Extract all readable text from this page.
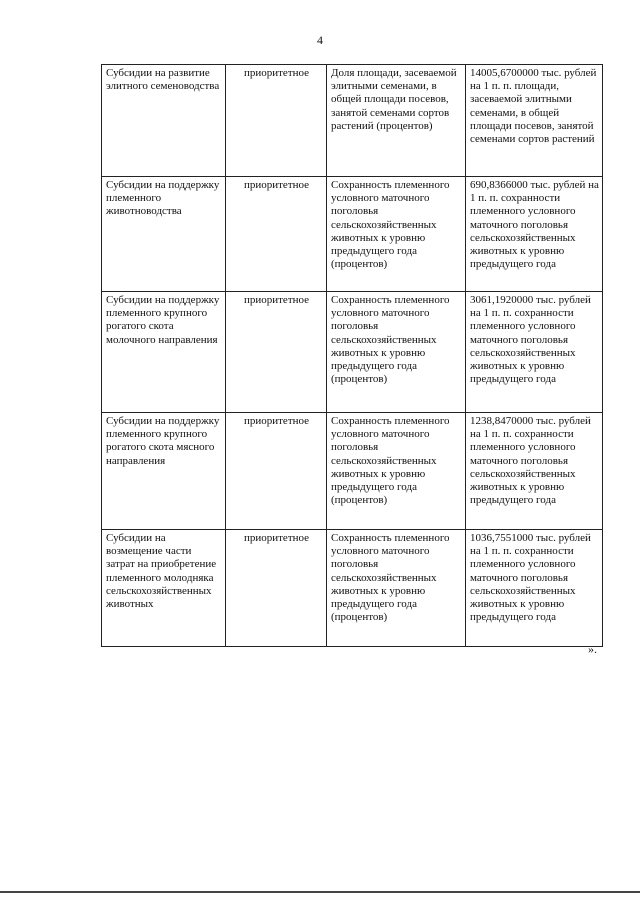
4
Субсидии на развитие элитного семеноводства	приоритетное	Доля площади, засеваемой элитными семенами, в общей площади посевов, занятой семенами сортов растений (процентов)	14005,6700000 тыс. рублей на 1 п. п. площади, засеваемой элитными семенами, в общей площади посевов, занятой семенами сортов растений
Субсидии на поддержку племенного животноводства	приоритетное	Сохранность племенного условного маточного поголовья сельскохозяйственных животных к уровню предыдущего года (процентов)	690,8366000 тыс. рублей на 1 п. п. сохранности племенного условного маточного поголовья сельскохозяйственных животных к уровню предыдущего года
Субсидии на поддержку племенного крупного рогатого скота молочного направления	приоритетное	Сохранность племенного условного маточного поголовья сельскохозяйственных животных к уровню предыдущего года (процентов)	3061,1920000 тыс. рублей на 1 п. п. сохранности племенного условного маточного поголовья сельскохозяйственных животных к уровню предыдущего года
Субсидии на поддержку племенного крупного рогатого скота мясного направления	приоритетное	Сохранность племенного условного маточного поголовья сельскохозяйственных животных к уровню предыдущего года (процентов)	1238,8470000 тыс. рублей на 1 п. п. сохранности племенного условного маточного поголовья сельскохозяйственных животных к уровню предыдущего года
Субсидии на возмещение части затрат на приобретение племенного молодняка сельскохозяйственных животных	приоритетное	Сохранность племенного условного маточного поголовья сельскохозяйственных животных к уровню предыдущего года (процентов)	1036,7551000 тыс. рублей на 1 п. п. сохранности племенного условного маточного поголовья сельскохозяйственных животных к уровню предыдущего года
».
